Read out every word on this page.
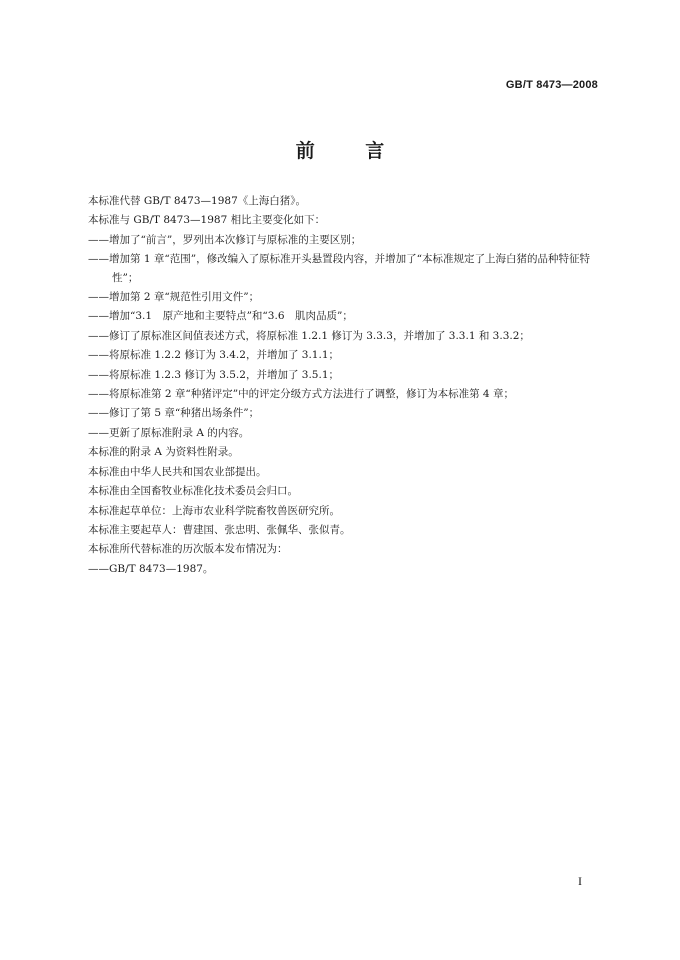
GB/T 8473—2008
前 言
本标准代替 GB/T 8473—1987《上海白猪》。
本标准与 GB/T 8473—1987 相比主要变化如下：
——增加了“前言”，罗列出本次修订与原标准的主要区别；
——增加第 1 章“范围”，修改编入了原标准开头悬置段内容，并增加了“本标准规定了上海白猪的品种特征特性”；
——增加第 2 章“规范性引用文件”；
——增加“3.1　原产地和主要特点”和“3.6　肌肉品质”；
——修订了原标准区间值表述方式，将原标准 1.2.1 修订为 3.3.3，并增加了 3.3.1 和 3.3.2；
——将原标准 1.2.2 修订为 3.4.2，并增加了 3.1.1；
——将原标准 1.2.3 修订为 3.5.2，并增加了 3.5.1；
——将原标准第 2 章“种猪评定”中的评定分级方式方法进行了调整，修订为本标准第 4 章；
——修订了第 5 章“种猪出场条件”；
——更新了原标准附录 A 的内容。
本标准的附录 A 为资料性附录。
本标准由中华人民共和国农业部提出。
本标准由全国畜牧业标准化技术委员会归口。
本标准起草单位：上海市农业科学院畜牧兽医研究所。
本标准主要起草人：曹建国、张忠明、张佩华、张似青。
本标准所代替标准的历次版本发布情况为：
——GB/T 8473—1987。
I
